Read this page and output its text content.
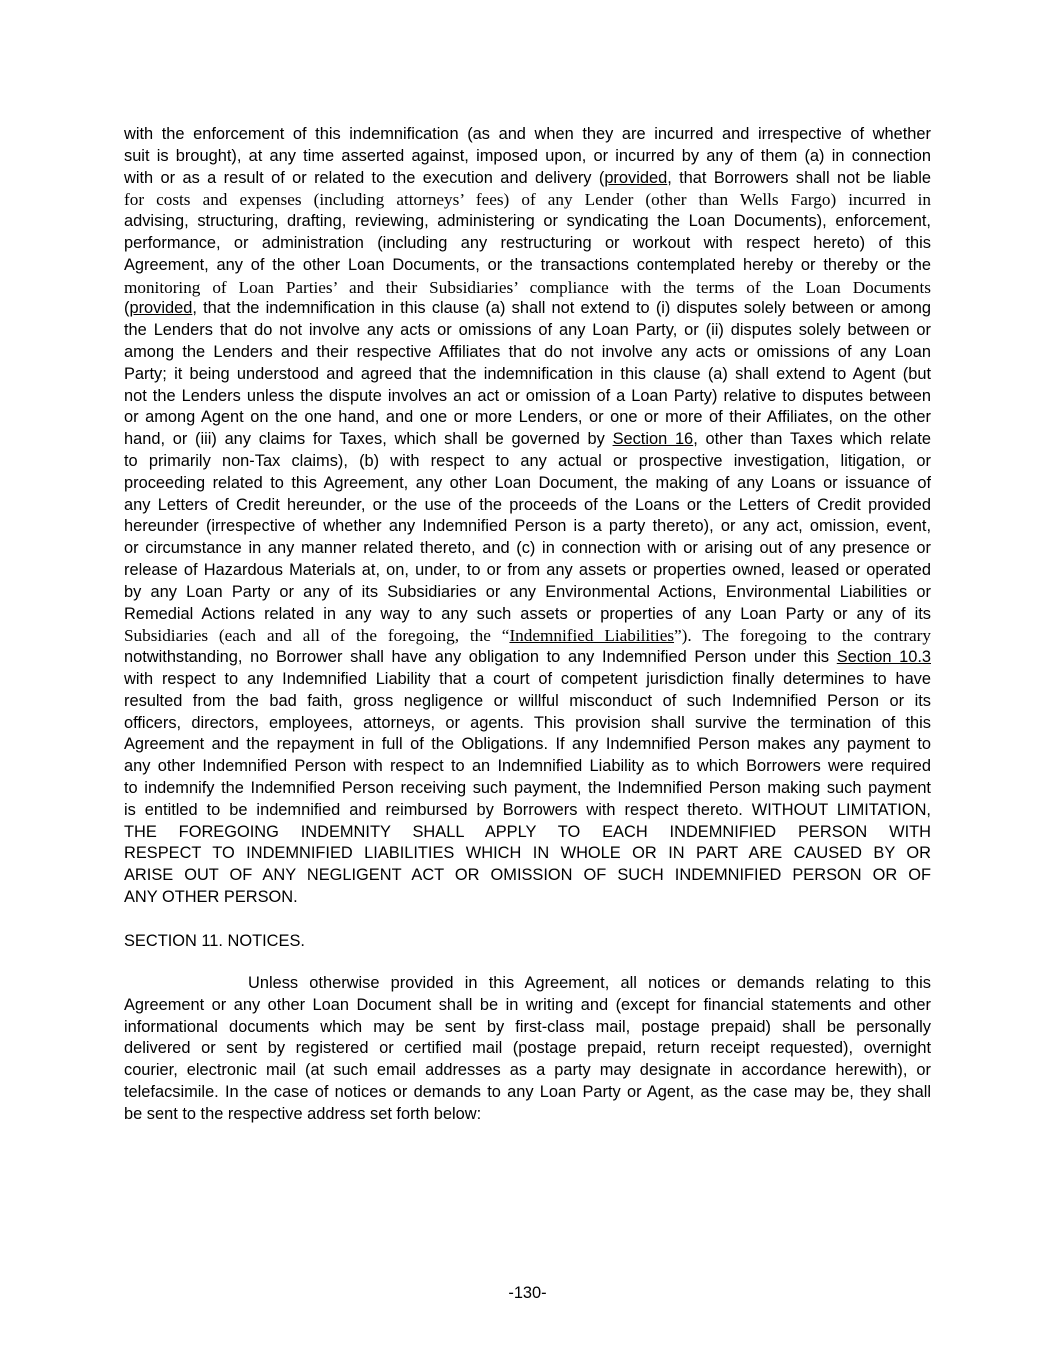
with the enforcement of this indemnification (as and when they are incurred and irrespective of whether
suit is brought), at any time asserted against, imposed upon, or incurred by any of them (a) in connection
with or as a result of or related to the execution and delivery (provided, that Borrowers shall not be liable
for costs and expenses (including attorneys’ fees) of any Lender (other than Wells Fargo) incurred in
advising, structuring, drafting, reviewing, administering or syndicating the Loan Documents), enforcement,
performance, or administration (including any restructuring or workout with respect hereto) of this
Agreement, any of the other Loan Documents, or the transactions contemplated hereby or thereby or the
monitoring of Loan Parties’ and their Subsidiaries’ compliance with the terms of the Loan Documents
(provided, that the indemnification in this clause (a) shall not extend to (i) disputes solely between or among
the Lenders that do not involve any acts or omissions of any Loan Party, or (ii) disputes solely between or
among the Lenders and their respective Affiliates that do not involve any acts or omissions of any Loan
Party; it being understood and agreed that the indemnification in this clause (a) shall extend to Agent (but
not the Lenders unless the dispute involves an act or omission of a Loan Party) relative to disputes between
or among Agent on the one hand, and one or more Lenders, or one or more of their Affiliates, on the other
hand, or (iii) any claims for Taxes, which shall be governed by Section 16, other than Taxes which relate
to primarily non-Tax claims), (b) with respect to any actual or prospective investigation, litigation, or
proceeding related to this Agreement, any other Loan Document, the making of any Loans or issuance of
any Letters of Credit hereunder, or the use of the proceeds of the Loans or the Letters of Credit provided
hereunder (irrespective of whether any Indemnified Person is a party thereto), or any act, omission, event,
or circumstance in any manner related thereto, and (c) in connection with or arising out of any presence or
release of Hazardous Materials at, on, under, to or from any assets or properties owned, leased or operated
by any Loan Party or any of its Subsidiaries or any Environmental Actions, Environmental Liabilities or
Remedial Actions related in any way to any such assets or properties of any Loan Party or any of its
Subsidiaries (each and all of the foregoing, the “Indemnified Liabilities”). The foregoing to the contrary
notwithstanding, no Borrower shall have any obligation to any Indemnified Person under this Section 10.3
with respect to any Indemnified Liability that a court of competent jurisdiction finally determines to have
resulted from the bad faith, gross negligence or willful misconduct of such Indemnified Person or its
officers, directors, employees, attorneys, or agents. This provision shall survive the termination of this
Agreement and the repayment in full of the Obligations. If any Indemnified Person makes any payment to
any other Indemnified Person with respect to an Indemnified Liability as to which Borrowers were required
to indemnify the Indemnified Person receiving such payment, the Indemnified Person making such payment
is entitled to be indemnified and reimbursed by Borrowers with respect thereto. WITHOUT LIMITATION,
THE FOREGOING INDEMNITY SHALL APPLY TO EACH INDEMNIFIED PERSON WITH
RESPECT TO INDEMNIFIED LIABILITIES WHICH IN WHOLE OR IN PART ARE CAUSED BY OR
ARISE OUT OF ANY NEGLIGENT ACT OR OMISSION OF SUCH INDEMNIFIED PERSON OR OF
ANY OTHER PERSON.
SECTION 11. NOTICES.
Unless otherwise provided in this Agreement, all notices or demands relating to this
Agreement or any other Loan Document shall be in writing and (except for financial statements and other
informational documents which may be sent by first-class mail, postage prepaid) shall be personally
delivered or sent by registered or certified mail (postage prepaid, return receipt requested), overnight
courier, electronic mail (at such email addresses as a party may designate in accordance herewith), or
telefacsimile. In the case of notices or demands to any Loan Party or Agent, as the case may be, they shall
be sent to the respective address set forth below:
-130-
